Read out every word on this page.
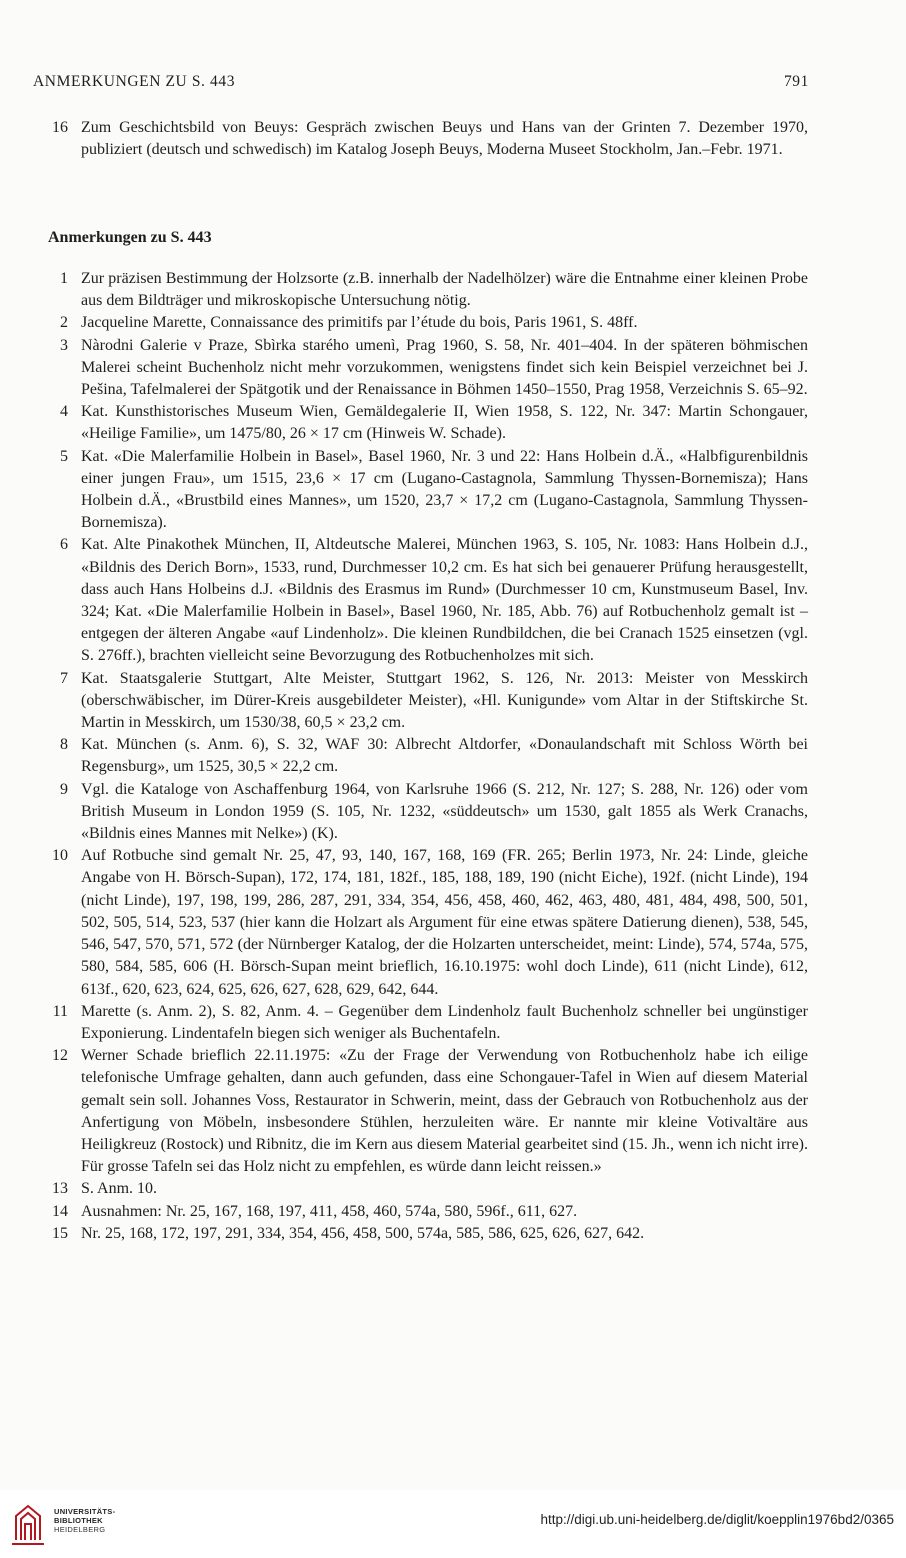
ANMERKUNGEN ZU S. 443	791
16 Zum Geschichtsbild von Beuys: Gespräch zwischen Beuys und Hans van der Grinten 7. Dezember 1970, publiziert (deutsch und schwedisch) im Katalog Joseph Beuys, Moderna Museet Stockholm, Jan.–Febr. 1971.
Anmerkungen zu S. 443
1 Zur präzisen Bestimmung der Holzsorte (z.B. innerhalb der Nadelhölzer) wäre die Entnahme einer kleinen Probe aus dem Bildträger und mikroskopische Untersuchung nötig.
2 Jacqueline Marette, Connaissance des primitifs par l’étude du bois, Paris 1961, S. 48ff.
3 Nàrodni Galerie v Praze, Sbìrka staréhо umenì, Prag 1960, S. 58, Nr. 401–404. In der späteren böhmischen Malerei scheint Buchenholz nicht mehr vorzukommen, wenigstens findet sich kein Beispiel verzeichnet bei J. Pešina, Tafelmalerei der Spätgotik und der Renaissance in Böhmen 1450–1550, Prag 1958, Verzeichnis S. 65–92.
4 Kat. Kunsthistorisches Museum Wien, Gemäldegalerie II, Wien 1958, S. 122, Nr. 347: Martin Schongauer, «Heilige Familie», um 1475/80, 26 × 17 cm (Hinweis W. Schade).
5 Kat. «Die Malerfamilie Holbein in Basel», Basel 1960, Nr. 3 und 22: Hans Holbein d.Ä., «Halbfigurenbildnis einer jungen Frau», um 1515, 23,6 × 17 cm (Lugano-Castagnola, Sammlung Thyssen-Bornemisza); Hans Holbein d.Ä., «Brustbild eines Mannes», um 1520, 23,7 × 17,2 cm (Lugano-Castagnola, Sammlung Thyssen-Bornemisza).
6 Kat. Alte Pinakothek München, II, Altdeutsche Malerei, München 1963, S. 105, Nr. 1083: Hans Holbein d.J., «Bildnis des Derich Born», 1533, rund, Durchmesser 10,2 cm. Es hat sich bei genauerer Prüfung herausgestellt, dass auch Hans Holbeins d.J. «Bildnis des Erasmus im Rund» (Durchmesser 10 cm, Kunstmuseum Basel, Inv. 324; Kat. «Die Malerfamilie Holbein in Basel», Basel 1960, Nr. 185, Abb. 76) auf Rotbuchenholz gemalt ist – entgegen der älteren Angabe «auf Lindenholz». Die kleinen Rundbildchen, die bei Cranach 1525 einsetzen (vgl. S. 276ff.), brachten vielleicht seine Bevorzugung des Rotbuchenholzes mit sich.
7 Kat. Staatsgalerie Stuttgart, Alte Meister, Stuttgart 1962, S. 126, Nr. 2013: Meister von Messkirch (oberschwäbischer, im Dürer-Kreis ausgebildeter Meister), «Hl. Kunigunde» vom Altar in der Stiftskirche St. Martin in Messkirch, um 1530/38, 60,5 × 23,2 cm.
8 Kat. München (s. Anm. 6), S. 32, WAF 30: Albrecht Altdorfer, «Donaulandschaft mit Schloss Wörth bei Regensburg», um 1525, 30,5 × 22,2 cm.
9 Vgl. die Kataloge von Aschaffenburg 1964, von Karlsruhe 1966 (S. 212, Nr. 127; S. 288, Nr. 126) oder vom British Museum in London 1959 (S. 105, Nr. 1232, «süddeutsch» um 1530, galt 1855 als Werk Cranachs, «Bildnis eines Mannes mit Nelke») (K).
10 Auf Rotbuche sind gemalt Nr. 25, 47, 93, 140, 167, 168, 169 (FR. 265; Berlin 1973, Nr. 24: Linde, gleiche Angabe von H. Börsch-Supan), 172, 174, 181, 182f., 185, 188, 189, 190 (nicht Eiche), 192f. (nicht Linde), 194 (nicht Linde), 197, 198, 199, 286, 287, 291, 334, 354, 456, 458, 460, 462, 463, 480, 481, 484, 498, 500, 501, 502, 505, 514, 523, 537 (hier kann die Holzart als Argument für eine etwas spätere Datierung dienen), 538, 545, 546, 547, 570, 571, 572 (der Nürnberger Katalog, der die Holzarten unterscheidet, meint: Linde), 574, 574a, 575, 580, 584, 585, 606 (H. Börsch-Supan meint brieflich, 16.10.1975: wohl doch Linde), 611 (nicht Linde), 612, 613f., 620, 623, 624, 625, 626, 627, 628, 629, 642, 644.
11 Marette (s. Anm. 2), S. 82, Anm. 4. – Gegenüber dem Lindenholz fault Buchenholz schneller bei ungünstiger Exponierung. Lindentafeln biegen sich weniger als Buchentafeln.
12 Werner Schade brieflich 22.11.1975: «Zu der Frage der Verwendung von Rotbuchenholz habe ich eilige telefonische Umfrage gehalten, dann auch gefunden, dass eine Schongauer-Tafel in Wien auf diesem Material gemalt sein soll. Johannes Voss, Restaurator in Schwerin, meint, dass der Gebrauch von Rotbuchenholz aus der Anfertigung von Möbeln, insbesondere Stühlen, herzuleiten wäre. Er nannte mir kleine Votivaltäre aus Heiligkreuz (Rostock) und Ribnitz, die im Kern aus diesem Material gearbeitet sind (15. Jh., wenn ich nicht irre). Für grosse Tafeln sei das Holz nicht zu empfehlen, es würde dann leicht reissen.»
13 S. Anm. 10.
14 Ausnahmen: Nr. 25, 167, 168, 197, 411, 458, 460, 574a, 580, 596f., 611, 627.
15 Nr. 25, 168, 172, 197, 291, 334, 354, 456, 458, 500, 574a, 585, 586, 625, 626, 627, 642.
UNIVERSITÄTS-
BIBLIOTHEK
HEIDELBERG
http://digi.ub.uni-heidelberg.de/diglit/koepplin1976bd2/0365
